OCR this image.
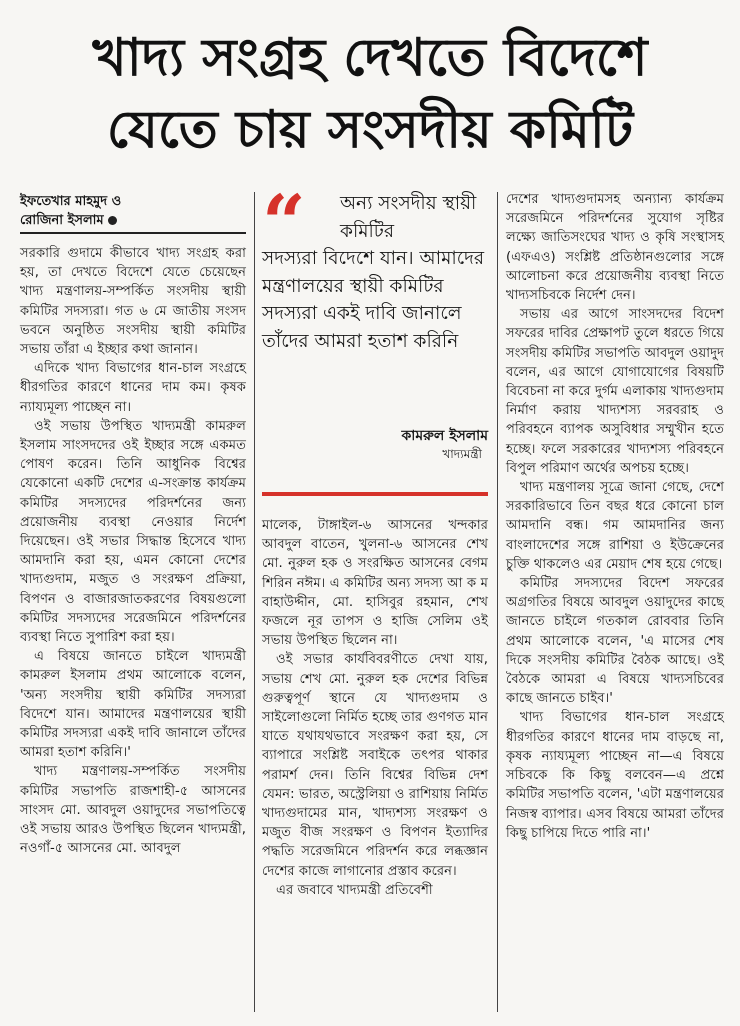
খাদ্য সংগ্রহ দেখতে বিদেশে
যেতে চায় সংসদীয় কমিটি
ইফতেখার মাহমুদ ও
রোজিনা ইসলাম

সরকারি গুদামে কীভাবে খাদ্য সংগ্রহ করা হয়, তা দেখতে বিদেশে যেতে চেয়েছেন খাদ্য মন্ত্রণালয়-সম্পর্কিত সংসদীয় স্থায়ী কমিটির সদস্যরা। গত ৬ মে জাতীয় সংসদ ভবনে অনুষ্ঠিত সংসদীয় স্থায়ী কমিটির সভায় তাঁরা এ ইচ্ছার কথা জানান।

এদিকে খাদ্য বিভাগের ধান-চাল সংগ্রহে ধীরগতির কারণে ধানের দাম কম। কৃষক ন্যায্যমূল্য পাচ্ছেন না।

ওই সভায় উপস্থিত খাদ্যমন্ত্রী কামরুল ইসলাম সাংসদদের ওই ইচ্ছার সঙ্গে একমত পোষণ করেন। তিনি আধুনিক বিশ্বের যেকোনো একটি দেশের এ-সংক্রান্ত কার্যক্রম কমিটির সদস্যদের পরিদর্শনের জন্য প্রয়োজনীয় ব্যবস্থা নেওয়ার নির্দেশ দিয়েছেন। ওই সভার সিদ্ধান্ত হিসেবে খাদ্য আমদানি করা হয়, এমন কোনো দেশের খাদ্যগুদাম, মজুত ও সংরক্ষণ প্রক্রিয়া, বিপণন ও বাজারজাতকরণের বিষয়গুলো কমিটির সদস্যদের সরেজমিনে পরিদর্শনের ব্যবস্থা নিতে সুপারিশ করা হয়।

এ বিষয়ে জানতে চাইলে খাদ্যমন্ত্রী কামরুল ইসলাম প্রথম আলোকে বলেন, 'অন্য সংসদীয় স্থায়ী কমিটির সদস্যরা বিদেশে যান। আমাদের মন্ত্রণালয়ের স্থায়ী কমিটির সদস্যরা একই দাবি জানালে তাঁদের আমরা হতাশ করিনি।'

খাদ্য মন্ত্রণালয়-সম্পর্কিত সংসদীয় কমিটির সভাপতি রাজশাহী-৫ আসনের সাংসদ মো. আবদুল ওয়াদুদের সভাপতিত্বে ওই সভায় আরও উপস্থিত ছিলেন খাদ্যমন্ত্রী, নওগাঁ-৫ আসনের মো. আবদুল

“	অন্য সংসদীয় স্থায়ী কমিটির
সদস্যরা বিদেশে যান। আমাদের মন্ত্রণালয়ের স্থায়ী কমিটির সদস্যরা একই দাবি জানালে তাঁদের আমরা হতাশ করিনি
কামরুল ইসলাম
খাদ্যমন্ত্রী

মালেক, টাঙ্গাইল-৬ আসনের খন্দকার আবদুল বাতেন, খুলনা-৬ আসনের শেখ মো. নুরুল হক ও সংরক্ষিত আসনের বেগম শিরিন নঈম। এ কমিটির অন্য সদস্য আ ক ম বাহাউদ্দীন, মো. হাসিবুর রহমান, শেখ ফজলে নূর তাপস ও হাজি সেলিম ওই সভায় উপস্থিত ছিলেন না।

ওই সভার কার্যবিবরণীতে দেখা যায়, সভায় শেখ মো. নুরুল হক দেশের বিভিন্ন গুরুত্বপূর্ণ স্থানে যে খাদ্যগুদাম ও সাইলোগুলো নির্মিত হচ্ছে তার গুণগত মান যাতে যথাযথভাবে সংরক্ষণ করা হয়, সে ব্যাপারে সংশ্লিষ্ট সবাইকে তৎপর থাকার পরামর্শ দেন। তিনি বিশ্বের বিভিন্ন দেশ যেমন: ভারত, অস্ট্রেলিয়া ও রাশিয়ায় নির্মিত খাদ্যগুদামের মান, খাদ্যশস্য সংরক্ষণ ও মজুত বীজ সংরক্ষণ ও বিপণন ইত্যাদির পদ্ধতি সরেজমিনে পরিদর্শন করে লব্ধজ্ঞান দেশের কাজে লাগানোর প্রস্তাব করেন।

এর জবাবে খাদ্যমন্ত্রী প্রতিবেশী

দেশের খাদ্যগুদামসহ অন্যান্য কার্যক্রম সরেজমিনে পরিদর্শনের সুযোগ সৃষ্টির লক্ষ্যে জাতিসংঘের খাদ্য ও কৃষি সংস্থাসহ (এফএও) সংশ্লিষ্ট প্রতিষ্ঠানগুলোর সঙ্গে আলোচনা করে প্রয়োজনীয় ব্যবস্থা নিতে খাদ্যসচিবকে নির্দেশ দেন।

সভায় এর আগে সাংসদদের বিদেশ সফরের দাবির প্রেক্ষাপট তুলে ধরতে গিয়ে সংসদীয় কমিটির সভাপতি আবদুল ওয়াদুদ বলেন, এর আগে যোগাযোগের বিষয়টি বিবেচনা না করে দুর্গম এলাকায় খাদ্যগুদাম নির্মাণ করায় খাদ্যশস্য সরবরাহ ও পরিবহনে ব্যাপক অসুবিধার সম্মুখীন হতে হচ্ছে। ফলে সরকারের খাদ্যশস্য পরিবহনে বিপুল পরিমাণ অর্থের অপচয় হচ্ছে।

খাদ্য মন্ত্রণালয় সূত্রে জানা গেছে, দেশে সরকারিভাবে তিন বছর ধরে কোনো চাল আমদানি বন্ধ। গম আমদানির জন্য বাংলাদেশের সঙ্গে রাশিয়া ও ইউক্রেনের চুক্তি থাকলেও এর মেয়াদ শেষ হয়ে গেছে।

কমিটির সদস্যদের বিদেশ সফরের অগ্রগতির বিষয়ে আবদুল ওয়াদুদের কাছে জানতে চাইলে গতকাল রোববার তিনি প্রথম আলোকে বলেন, 'এ মাসের শেষ দিকে সংসদীয় কমিটির বৈঠক আছে। ওই বৈঠকে আমরা এ বিষয়ে খাদ্যসচিবের কাছে জানতে চাইব।'

খাদ্য বিভাগের ধান-চাল সংগ্রহে ধীরগতির কারণে ধানের দাম বাড়ছে না, কৃষক ন্যায্যমূল্য পাচ্ছেন না—এ বিষয়ে সচিবকে কি কিছু বলবেন—এ প্রশ্নে কমিটির সভাপতি বলেন, 'এটা মন্ত্রণালয়ের নিজস্ব ব্যাপার। এসব বিষয়ে আমরা তাঁদের কিছু চাপিয়ে দিতে পারি না।'
